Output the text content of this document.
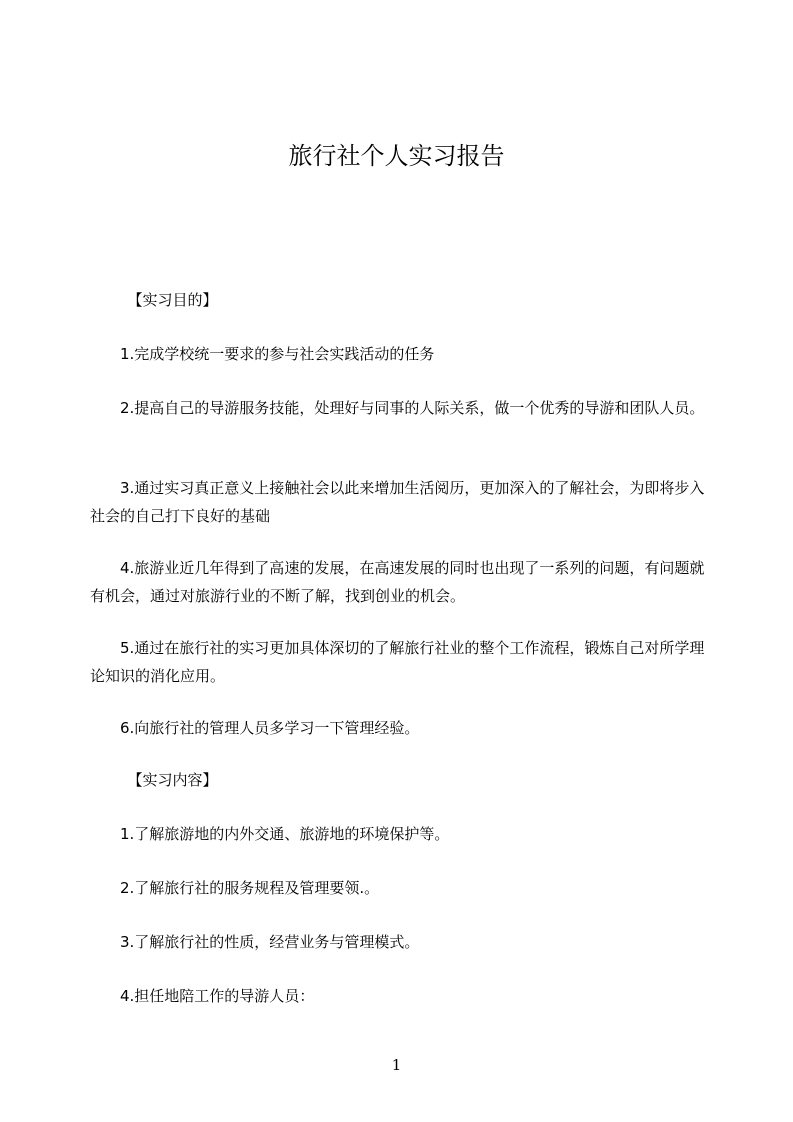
旅行社个人实习报告

【实习目的】

1.完成学校统一要求的参与社会实践活动的任务

2.提高自己的导游服务技能，处理好与同事的人际关系，做一个优秀的导游和团队人员。

3.通过实习真正意义上接触社会以此来增加生活阅历，更加深入的了解社会，为即将步入社会的自己打下良好的基础

4.旅游业近几年得到了高速的发展，在高速发展的同时也出现了一系列的问题，有问题就有机会，通过对旅游行业的不断了解，找到创业的机会。

5.通过在旅行社的实习更加具体深切的了解旅行社业的整个工作流程，锻炼自己对所学理论知识的消化应用。

6.向旅行社的管理人员多学习一下管理经验。

【实习内容】

1.了解旅游地的内外交通、旅游地的环境保护等。

2.了解旅行社的服务规程及管理要领.。

3.了解旅行社的性质，经营业务与管理模式。

4.担任地陪工作的导游人员：

1
